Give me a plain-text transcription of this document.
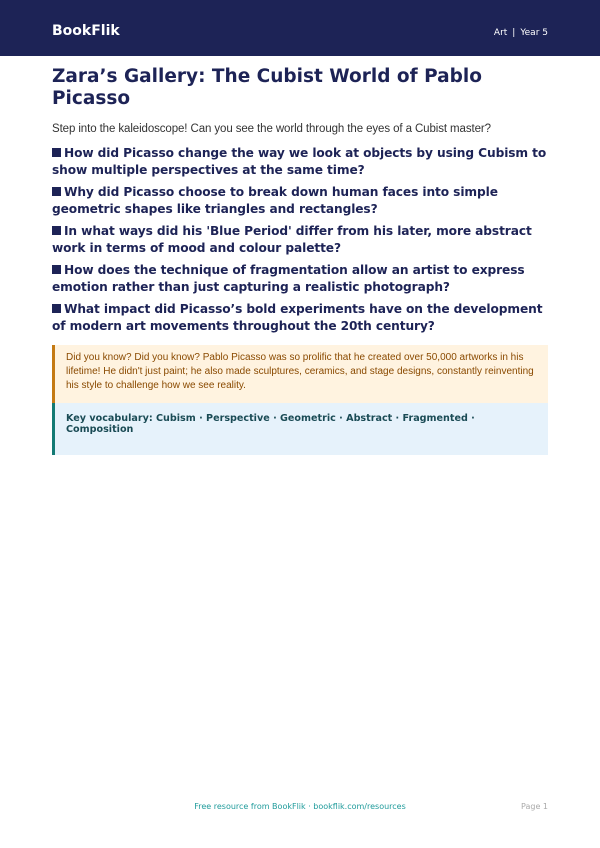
BookFlik	Art | Year 5
Zara’s Gallery: The Cubist World of Pablo Picasso

Step into the kaleidoscope! Can you see the world through the eyes of a Cubist master?

How did Picasso change the way we look at objects by using Cubism to show multiple perspectives at the same time?
Why did Picasso choose to break down human faces into simple geometric shapes like triangles and rectangles?
In what ways did his 'Blue Period' differ from his later, more abstract work in terms of mood and colour palette?
How does the technique of fragmentation allow an artist to express emotion rather than just capturing a realistic photograph?
What impact did Picasso’s bold experiments have on the development of modern art movements throughout the 20th century?
Did you know? Did you know? Pablo Picasso was so prolific that he created over 50,000 artworks in his lifetime! He didn't just paint; he also made sculptures, ceramics, and stage designs, constantly reinventing his style to challenge how we see reality.
Key vocabulary: Cubism · Perspective · Geometric · Abstract · Fragmented · Composition
Free resource from BookFlik · bookflik.com/resources	Page 1
